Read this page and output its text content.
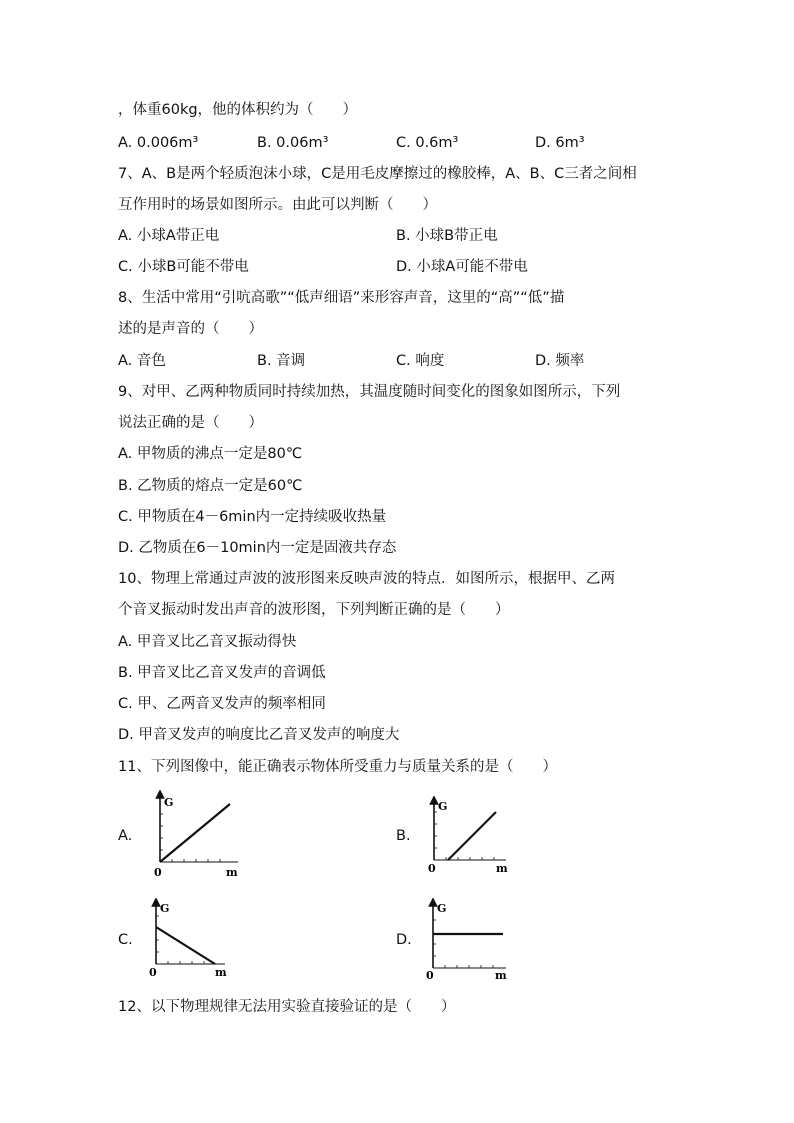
，体重60kg，他的体积约为（　　）
A. 0.006m³	B. 0.06m³	C. 0.6m³	D. 6m³
7、A、B是两个轻质泡沫小球，C是用毛皮摩擦过的橡胶棒，A、B、C三者之间相
互作用时的场景如图所示。由此可以判断（　　）
A. 小球A带正电	B. 小球B带正电
C. 小球B可能不带电	D. 小球A可能不带电
8、生活中常用“引吭高歌”“低声细语”来形容声音，这里的“高”“低”描
述的是声音的（　　）
A. 音色	B. 音调	C. 响度	D. 频率
9、对甲、乙两种物质同时持续加热，其温度随时间变化的图象如图所示，下列
说法正确的是（　　）
A. 甲物质的沸点一定是80℃
B. 乙物质的熔点一定是60℃
C. 甲物质在4－6min内一定持续吸收热量
D. 乙物质在6－10min内一定是固液共存态
10、物理上常通过声波的波形图来反映声波的特点．如图所示，根据甲、乙两
个音叉振动时发出声音的波形图，下列判断正确的是（　　）
A. 甲音叉比乙音叉振动得快
B. 甲音叉比乙音叉发声的音调低
C. 甲、乙两音叉发声的频率相同
D. 甲音叉发声的响度比乙音叉发声的响度大
11、下列图像中，能正确表示物体所受重力与质量关系的是（　　）
A.	B.
C.	D.
G
0	m
G
0	m
G
0	m
G
0	m
12、以下物理规律无法用实验直接验证的是（　　）
